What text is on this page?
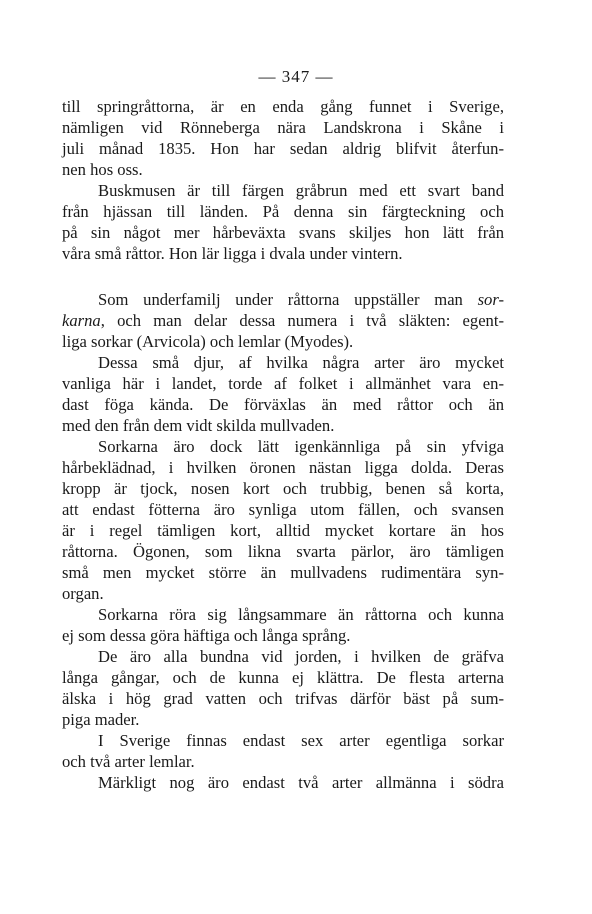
— 347 —
till springråttorna, är en enda gång funnet i Sverige,
nämligen vid Rönneberga nära Landskrona i Skåne i
juli månad 1835. Hon har sedan aldrig blifvit återfun-
nen hos oss.
Buskmusen är till färgen gråbrun med ett svart band
från hjässan till länden. På denna sin färgteckning och
på sin något mer hårbeväxta svans skiljes hon lätt från
våra små råttor. Hon lär ligga i dvala under vintern.
Som underfamilj under råttorna uppställer man sor-
karna, och man delar dessa numera i två släkten: egent-
liga sorkar (Arvicola) och lemlar (Myodes).
Dessa små djur, af hvilka några arter äro mycket
vanliga här i landet, torde af folket i allmänhet vara en-
dast föga kända. De förväxlas än med råttor och än
med den från dem vidt skilda mullvaden.
Sorkarna äro dock lätt igenkännliga på sin yfviga
hårbeklädnad, i hvilken öronen nästan ligga dolda. Deras
kropp är tjock, nosen kort och trubbig, benen så korta,
att endast fötterna äro synliga utom fällen, och svansen
är i regel tämligen kort, alltid mycket kortare än hos
råttorna. Ögonen, som likna svarta pärlor, äro tämligen
små men mycket större än mullvadens rudimentära syn-
organ.
Sorkarna röra sig långsammare än råttorna och kunna
ej som dessa göra häftiga och långa språng.
De äro alla bundna vid jorden, i hvilken de gräfva
långa gångar, och de kunna ej klättra. De flesta arterna
älska i hög grad vatten och trifvas därför bäst på sum-
piga mader.
I Sverige finnas endast sex arter egentliga sorkar
och två arter lemlar.
Märkligt nog äro endast två arter allmänna i södra
